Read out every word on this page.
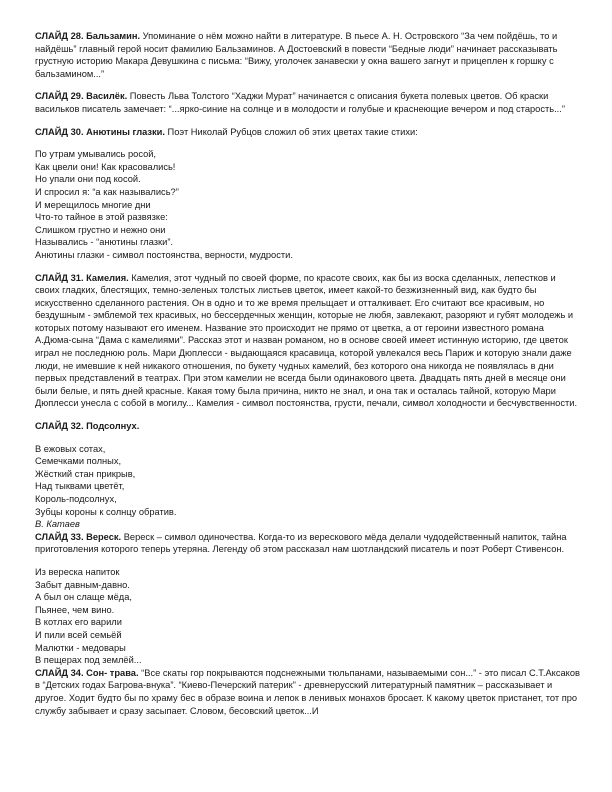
СЛАЙД 28. Бальзамин. Упоминание о нём можно найти в литературе. В пьесе А. Н. Островского “За чем пойдёшь, то и найдёшь” главный герой носит фамилию Бальзаминов. А Достоевский в повести “Бедные люди” начинает рассказывать грустную историю Макара Девушкина с письма: “Вижу, уголочек занавески у окна вашего загнут и прицеплен к горшку с бальзамином...”

СЛАЙД 29. Василёк. Повесть Льва Толстого “Хаджи Мурат” начинается с описания букета полевых цветов. Об краски васильков писатель замечает: “...ярко-синие на солнце и в молодости и голубые и краснеющие вечером и под старость...”

СЛАЙД 30. Анютины глазки. Поэт Николай Рубцов сложил об этих цветах такие стихи:

По утрам умывались росой,
Как цвели они! Как красовались!
Но упали они под косой.
И спросил я: “а как назывались?”
И мерещилось многие дни
Что-то тайное в этой развязке:
Слишком грустно и нежно они
Назывались - “анютины глазки”.
Анютины глазки - символ постоянства, верности, мудрости.

СЛАЙД 31. Камелия. Камелия, этот чудный по своей форме, по красоте своих, как бы из воска сделанных, лепестков и своих гладких, блестящих, темно-зеленых толстых листьев цветок, имеет какой-то безжизненный вид, как будто бы искусственно сделанного растения. Он в одно и то же время прельщает и отталкивает. Его считают все красивым, но бездушным - эмблемой тех красивых, но бессердечных женщин, которые не любя, завлекают, разоряют и губят молодежь и которых потому называют его именем. Название это происходит не прямо от цветка, а от героини известного романа А.Дюма-сына “Дама с камелиями”. Рассказ этот и назван романом, но в основе своей имеет истинную историю, где цветок играл не последнюю роль. Мари Дюплесси - выдающаяся красавица, которой увлекался весь Париж и которую знали даже люди, не имевшие к ней никакого отношения, по букету чудных камелий, без которого она никогда не появлялась в дни первых представлений в театрах. При этом камелии не всегда были одинакового цвета. Двадцать пять дней в месяце они были белые, и пять дней красные. Какая тому была причина, никто не знал, и она так и осталась тайной, которую Мари Дюплесси унесла с собой в могилу... Камелия - символ постоянства, грусти, печали, символ холодности и бесчувственности.

СЛАЙД 32. Подсолнух.

В ежовых сотах,
Семечками полных,
Жёсткий стан прикрыв,
Над тыквами цветёт,
Король-подсолнух,
Зубцы короны к солнцу обратив.
В. Катаев

СЛАЙД 33. Вереск. Вереск – символ одиночества. Когда-то из верескового мёда делали чудодейственный напиток, тайна приготовления которого теперь утеряна. Легенду об этом рассказал нам шотландский писатель и поэт Роберт Стивенсон.

Из вереска напиток
Забыт давным-давно.
А был он слаще мёда,
Пьянее, чем вино.
В котлах его варили
И пили всей семьёй
Малютки - медовары
В пещерах под землёй...

СЛАЙД 34. Сон- трава. “Все скаты гор покрываются подснежными тюльпанами, называемыми сон...” - это писал С.Т.Аксаков в “Детских годах Багрова-внука”. “Киево-Печерский патерик” - древнерусский литературный памятник – рассказывает и другое. Ходит будто бы по храму бес в образе воина и лепок в ленивых монахов бросает. К какому цветок пристанет, тот про службу забывает и сразу засыпает. Словом, бесовский цветок...И
